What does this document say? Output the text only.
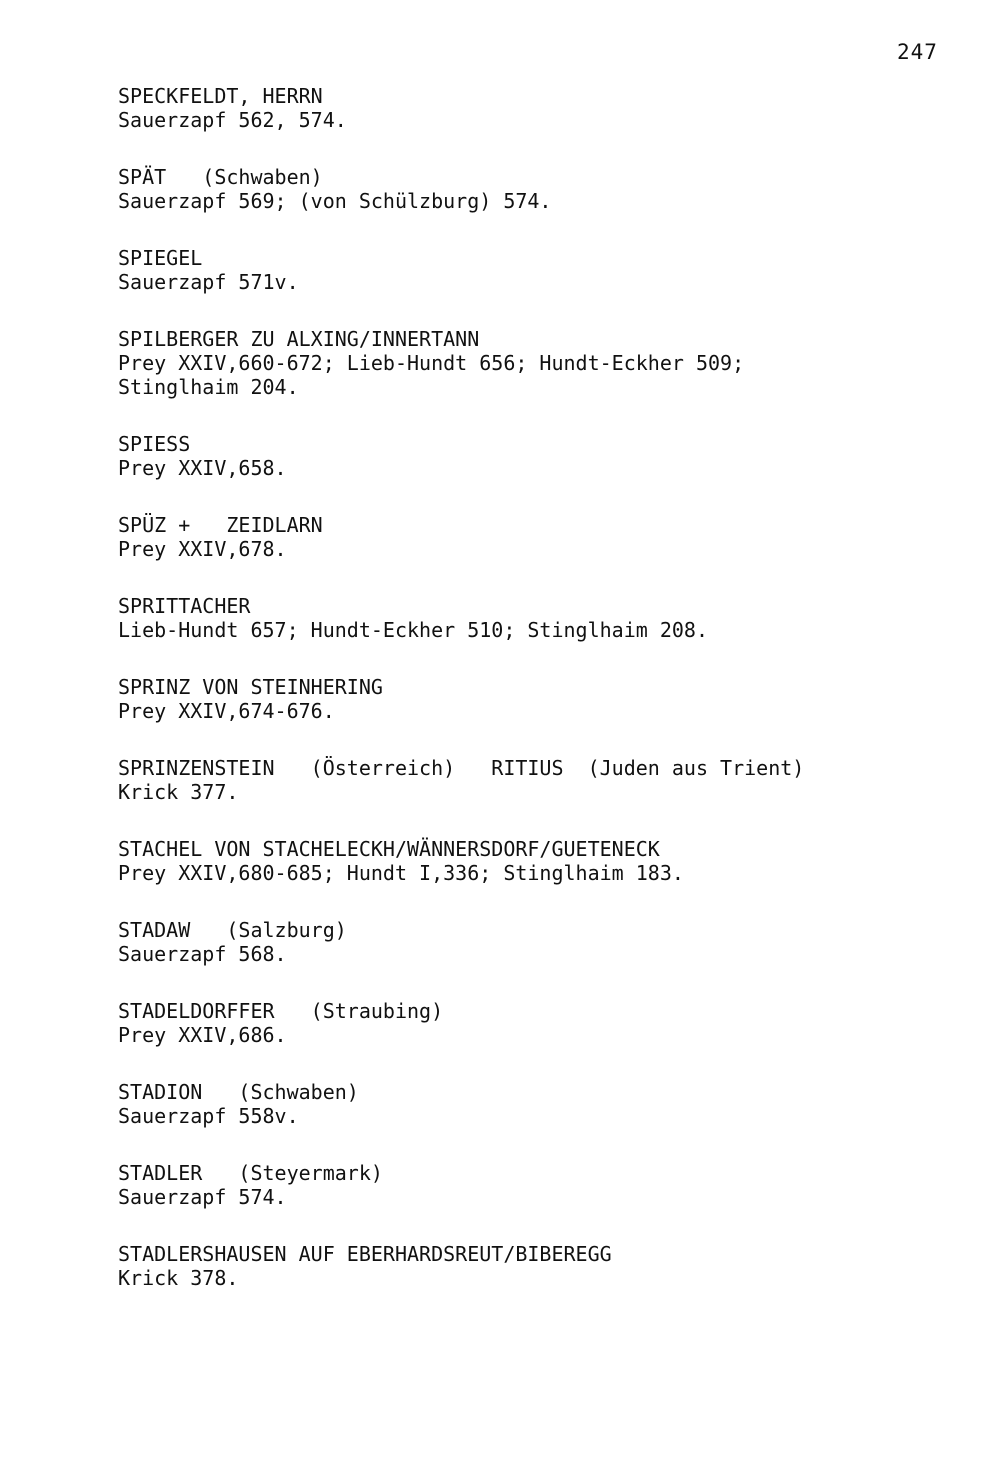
247
SPECKFELDT, HERRN
Sauerzapf 562, 574.
SPÄT   (Schwaben)
Sauerzapf 569; (von Schülzburg) 574.
SPIEGEL
Sauerzapf 571v.
SPILBERGER ZU ALXING/INNERTANN
Prey XXIV,660-672; Lieb-Hundt 656; Hundt-Eckher 509;
Stinglhaim 204.
SPIESS
Prey XXIV,658.
SPÜZ +   ZEIDLARN
Prey XXIV,678.
SPRITTACHER
Lieb-Hundt 657; Hundt-Eckher 510; Stinglhaim 208.
SPRINZ VON STEINHERING
Prey XXIV,674-676.
SPRINZENSTEIN   (Österreich)   RITIUS  (Juden aus Trient)
Krick 377.
STACHEL VON STACHELECKH/WÄNNERSDORF/GUETENECK
Prey XXIV,680-685; Hundt I,336; Stinglhaim 183.
STADAW   (Salzburg)
Sauerzapf 568.
STADELDORFFER   (Straubing)
Prey XXIV,686.
STADION   (Schwaben)
Sauerzapf 558v.
STADLER   (Steyermark)
Sauerzapf 574.
STADLERSHAUSEN AUF EBERHARDSREUT/BIBEREGG
Krick 378.
